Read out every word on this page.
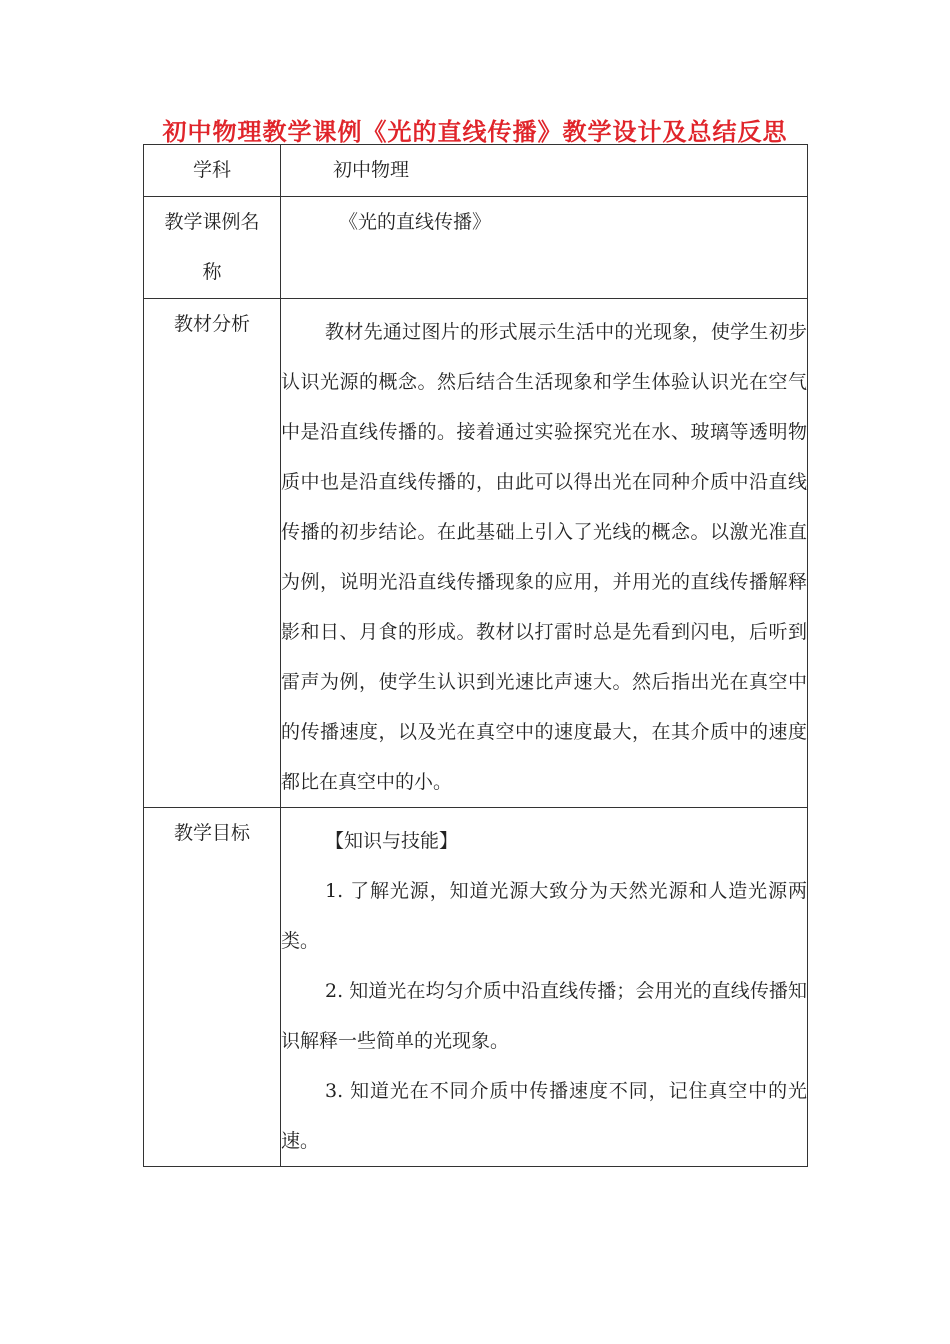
初中物理教学课例《光的直线传播》教学设计及总结反思
学科	初中物理

教学课例名
称	《光的直线传播》

教材分析	教材先通过图片的形式展示生活中的光现象，使学生初步认识光源的概念。然后结合生活现象和学生体验认识光在空气中是沿直线传播的。接着通过实验探究光在水、玻璃等透明物质中也是沿直线传播的，由此可以得出光在同种介质中沿直线传播的初步结论。在此基础上引入了光线的概念。以激光准直为例，说明光沿直线传播现象的应用，并用光的直线传播解释影和日、月食的形成。教材以打雷时总是先看到闪电，后听到雷声为例，使学生认识到光速比声速大。然后指出光在真空中的传播速度，以及光在真空中的速度最大，在其介质中的速度都比在真空中的小。

教学目标	【知识与技能】

1. 了解光源，知道光源大致分为天然光源和人造光源两类。

2. 知道光在均匀介质中沿直线传播；会用光的直线传播知识解释一些简单的光现象。

3. 知道光在不同介质中传播速度不同，记住真空中的光速。
